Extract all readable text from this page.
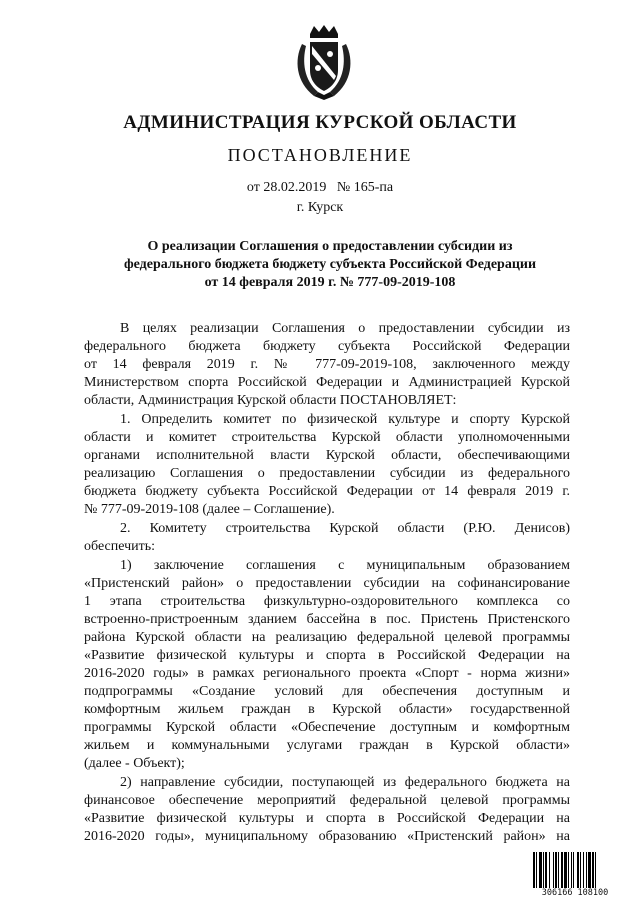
АДМИНИСТРАЦИЯ КУРСКОЙ ОБЛАСТИ
ПОСТАНОВЛЕНИЕ
от 28.02.2019   № 165-па
г. Курск
О реализации Соглашения о предоставлении субсидии из
федерального бюджета бюджету субъекта Российской Федерации
от 14 февраля 2019 г. № 777-09-2019-108
В целях реализации Соглашения о предоставлении субсидии из
федерального бюджета бюджету субъекта Российской Федерации
от 14 февраля 2019 г. № 777-09-2019-108, заключенного между
Министерством спорта Российской Федерации и Администрацией Курской
области, Администрация Курской области ПОСТАНОВЛЯЕТ:
1. Определить комитет по физической культуре и спорту Курской
области и комитет строительства Курской области уполномоченными
органами исполнительной власти Курской области, обеспечивающими
реализацию Соглашения о предоставлении субсидии из федерального
бюджета бюджету субъекта Российской Федерации от 14 февраля 2019 г.
№ 777-09-2019-108 (далее – Соглашение).
2. Комитету строительства Курской области (Р.Ю. Денисов)
обеспечить:
1) заключение соглашения с муниципальным образованием
«Пристенский район» о предоставлении субсидии на софинансирование
1 этапа строительства физкультурно-оздоровительного комплекса со
встроенно-пристроенным зданием бассейна в пос. Пристень Пристенского
района Курской области на реализацию федеральной целевой программы
«Развитие физической культуры и спорта в Российской Федерации на
2016-2020 годы» в рамках регионального проекта «Спорт - норма жизни»
подпрограммы «Создание условий для обеспечения доступным и
комфортным жильем граждан в Курской области» государственной
программы Курской области «Обеспечение доступным и комфортным
жильем и коммунальными услугами граждан в Курской области»
(далее - Объект);
2) направление субсидии, поступающей из федерального бюджета на
финансовое обеспечение мероприятий федеральной целевой программы
«Развитие физической культуры и спорта в Российской Федерации на
2016-2020 годы», муниципальному образованию «Пристенский район» на
306166 108100
